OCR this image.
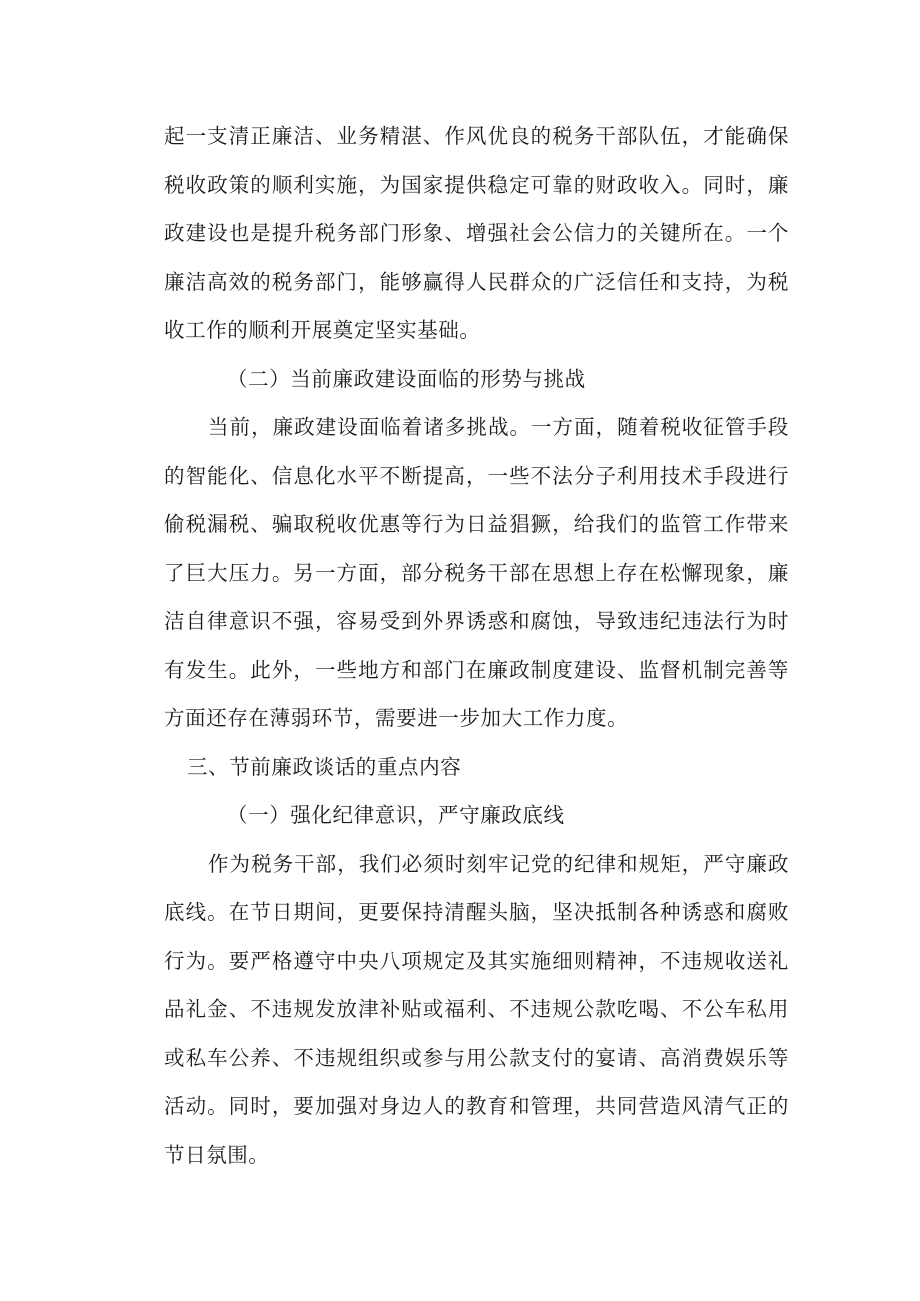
起一支清正廉洁、业务精湛、作风优良的税务干部队伍，才能确保
税收政策的顺利实施，为国家提供稳定可靠的财政收入。同时，廉
政建设也是提升税务部门形象、增强社会公信力的关键所在。一个
廉洁高效的税务部门，能够赢得人民群众的广泛信任和支持，为税
收工作的顺利开展奠定坚实基础。
（二）当前廉政建设面临的形势与挑战
当前，廉政建设面临着诸多挑战。一方面，随着税收征管手段
的智能化、信息化水平不断提高，一些不法分子利用技术手段进行
偷税漏税、骗取税收优惠等行为日益猖獗，给我们的监管工作带来
了巨大压力。另一方面，部分税务干部在思想上存在松懈现象，廉
洁自律意识不强，容易受到外界诱惑和腐蚀，导致违纪违法行为时
有发生。此外，一些地方和部门在廉政制度建设、监督机制完善等
方面还存在薄弱环节，需要进一步加大工作力度。
三、节前廉政谈话的重点内容
（一）强化纪律意识，严守廉政底线
作为税务干部，我们必须时刻牢记党的纪律和规矩，严守廉政
底线。在节日期间，更要保持清醒头脑，坚决抵制各种诱惑和腐败
行为。要严格遵守中央八项规定及其实施细则精神，不违规收送礼
品礼金、不违规发放津补贴或福利、不违规公款吃喝、不公车私用
或私车公养、不违规组织或参与用公款支付的宴请、高消费娱乐等
活动。同时，要加强对身边人的教育和管理，共同营造风清气正的
节日氛围。
